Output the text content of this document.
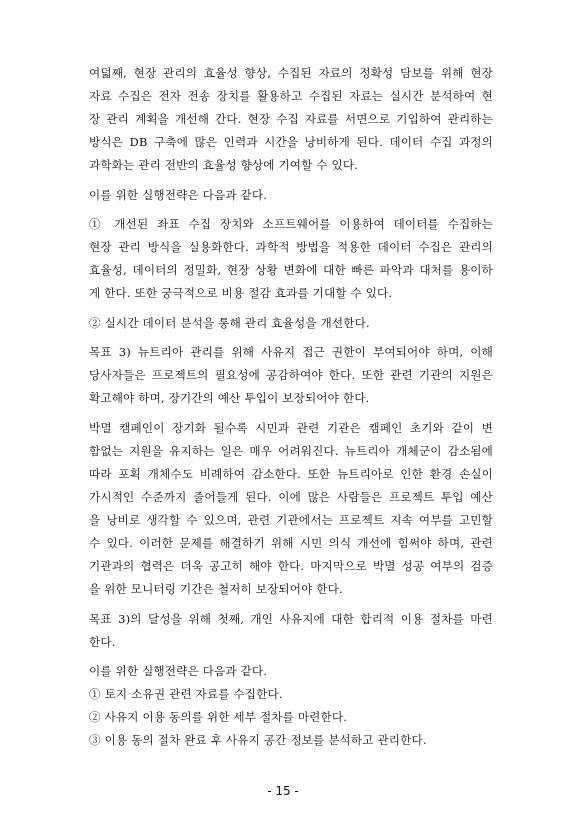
여덟째, 현장 관리의 효율성 향상, 수집된 자료의 정확성 담보를 위해 현장
자료 수집은 전자 전송 장치를 활용하고 수집된 자료는 실시간 분석하여 현
장 관리 계획을 개선해 간다. 현장 수집 자료를 서면으로 기입하여 관리하는
방식은 DB 구축에 많은 인력과 시간을 낭비하게 된다. 데이터 수집 과정의
과학화는 관리 전반의 효율성 향상에 기여할 수 있다.
이를 위한 실행전략은 다음과 같다.
① 개선된 좌표 수집 장치와 소프트웨어를 이용하여 데이터를 수집하는
현장 관리 방식을 실용화한다. 과학적 방법을 적용한 데이터 수집은 관리의
효율성, 데이터의 정밀화, 현장 상황 변화에 대한 빠른 파악과 대처를 용이하
게 한다. 또한 궁극적으로 비용 절감 효과를 기대할 수 있다.
② 실시간 데이터 분석을 통해 관리 효율성을 개선한다.
목표 3) 뉴트리아 관리를 위해 사유지 접근 권한이 부여되어야 하며, 이해
당사자들은 프로젝트의 필요성에 공감하여야 한다. 또한 관련 기관의 지원은
확고해야 하며, 장기간의 예산 투입이 보장되어야 한다.
박멸 캠페인이 장기화 될수록 시민과 관련 기관은 캠페인 초기와 같이 변
함없는 지원을 유지하는 일은 매우 어려워진다. 뉴트리아 개체군이 감소됨에
따라 포획 개체수도 비례하여 감소한다. 또한 뉴트리아로 인한 환경 손실이
가시적인 수준까지 줄어들게 된다. 이에 많은 사람들은 프로젝트 투입 예산
을 낭비로 생각할 수 있으며, 관련 기관에서는 프로젝트 지속 여부를 고민할
수 있다. 이러한 문제를 해결하기 위해 시민 의식 개선에 힘써야 하며, 관련
기관과의 협력은 더욱 공고히 해야 한다. 마지막으로 박멸 성공 여부의 검증
을 위한 모니터링 기간은 철저히 보장되어야 한다.
목표 3)의 달성을 위해 첫째, 개인 사유지에 대한 합리적 이용 절차를 마련
한다.
이를 위한 실행전략은 다음과 같다.
① 토지 소유권 관련 자료를 수집한다.
② 사유지 이용 동의를 위한 세부 절차를 마련한다.
③ 이용 동의 절차 완료 후 사유지 공간 정보를 분석하고 관리한다.
- 15 -
